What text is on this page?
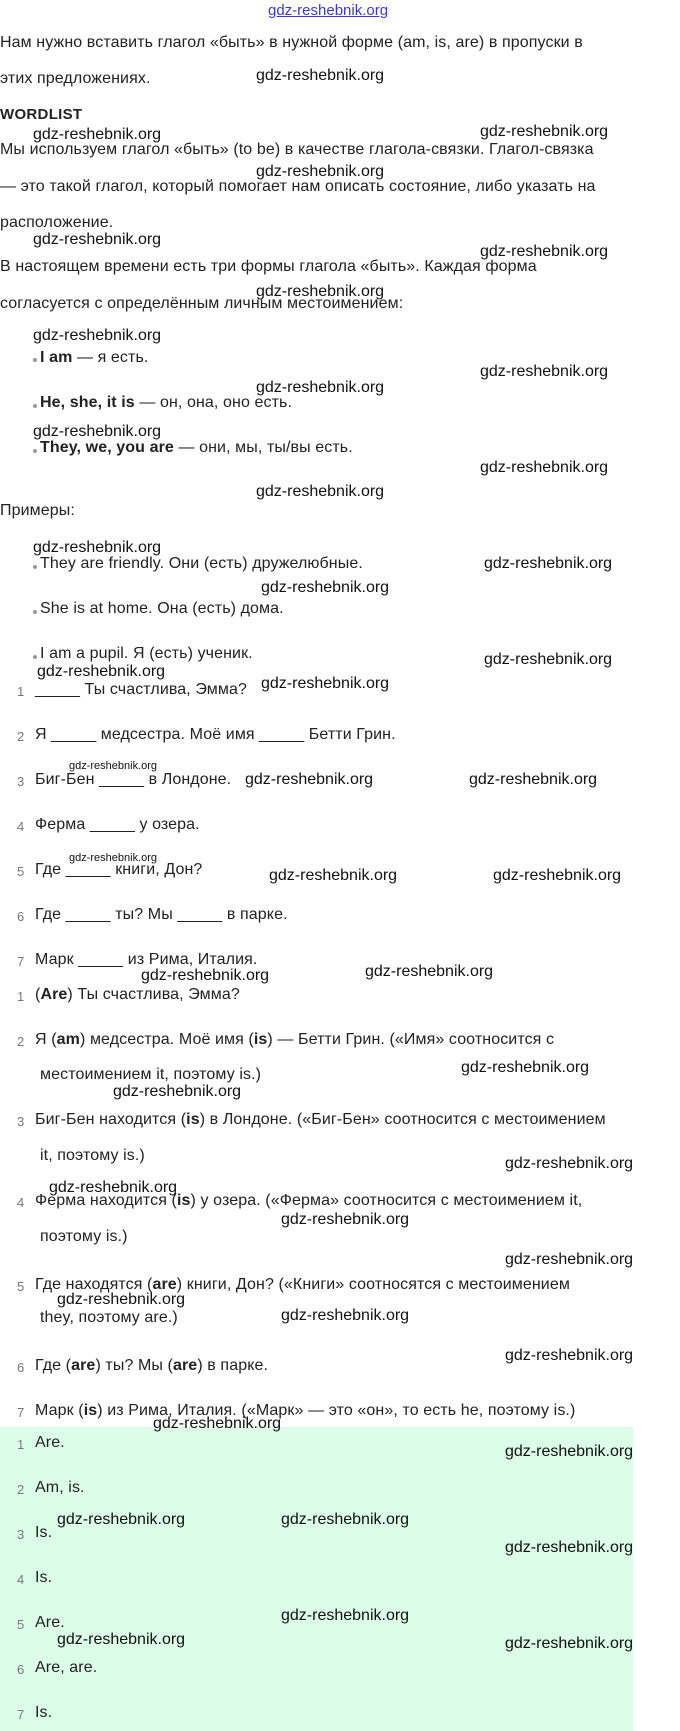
gdz-reshebnik.org
Нам нужно вставить глагол «быть» в нужной форме (am, is, are) в пропуски в
этих предложениях.
WORDLIST
Мы используем глагол «быть» (to be) в качестве глагола-связки. Глагол-связка
— это такой глагол, который помогает нам описать состояние, либо указать на
расположение.
В настоящем времени есть три формы глагола «быть». Каждая форма
согласуется с определённым личным местоимением:
I am — я есть.
He, she, it is — он, она, оно есть.
They, we, you are — они, мы, ты/вы есть.
Примеры:
They are friendly. Они (есть) дружелюбные.
She is at home. Она (есть) дома.
I am a pupil. Я (есть) ученик.
1 _____ Ты счастлива, Эмма?
2 Я _____ медсестра. Моё имя _____ Бетти Грин.
3 Биг-Бен _____ в Лондоне.
4 Ферма _____ у озера.
5 Где _____ книги, Дон?
6 Где _____ ты? Мы _____ в парке.
7 Марк _____ из Рима, Италия.
1 (Are) Ты счастлива, Эмма?
2 Я (am) медсестра. Моё имя (is) — Бетти Грин. («Имя» соотносится с
местоимением it, поэтому is.)
3 Биг-Бен находится (is) в Лондоне. («Биг-Бен» соотносится с местоимением
it, поэтому is.)
4 Ферма находится (is) у озера. («Ферма» соотносится с местоимением it,
поэтому is.)
5 Где находятся (are) книги, Дон? («Книги» соотносятся с местоимением
they, поэтому are.)
6 Где (are) ты? Мы (are) в парке.
7 Марк (is) из Рима, Италия. («Марк» — это «он», то есть he, поэтому is.)
1 Are.
2 Am, is.
3 Is.
4 Is.
5 Are.
6 Are, are.
7 Is.
gdz-reshebnik.org
gdz-reshebnik.org	gdz-reshebnik.org
gdz-reshebnik.org
gdz-reshebnik.org
gdz-reshebnik.org
gdz-reshebnik.org
gdz-reshebnik.org
gdz-reshebnik.org
gdz-reshebnik.org
gdz-reshebnik.org
gdz-reshebnik.org
gdz-reshebnik.org
gdz-reshebnik.org
gdz-reshebnik.org
gdz-reshebnik.org
gdz-reshebnik.org
gdz-reshebnik.org
gdz-reshebnik.org
gdz-reshebnik.org
gdz-reshebnik.org	gdz-reshebnik.org
gdz-reshebnik.org
gdz-reshebnik.org	gdz-reshebnik.org
gdz-reshebnik.org
gdz-reshebnik.org
gdz-reshebnik.org
gdz-reshebnik.org
gdz-reshebnik.org
gdz-reshebnik.org
gdz-reshebnik.org
gdz-reshebnik.org
gdz-reshebnik.org
gdz-reshebnik.org
gdz-reshebnik.org
gdz-reshebnik.org
gdz-reshebnik.org
gdz-reshebnik.org	gdz-reshebnik.org
gdz-reshebnik.org
gdz-reshebnik.org
gdz-reshebnik.org	gdz-reshebnik.org
